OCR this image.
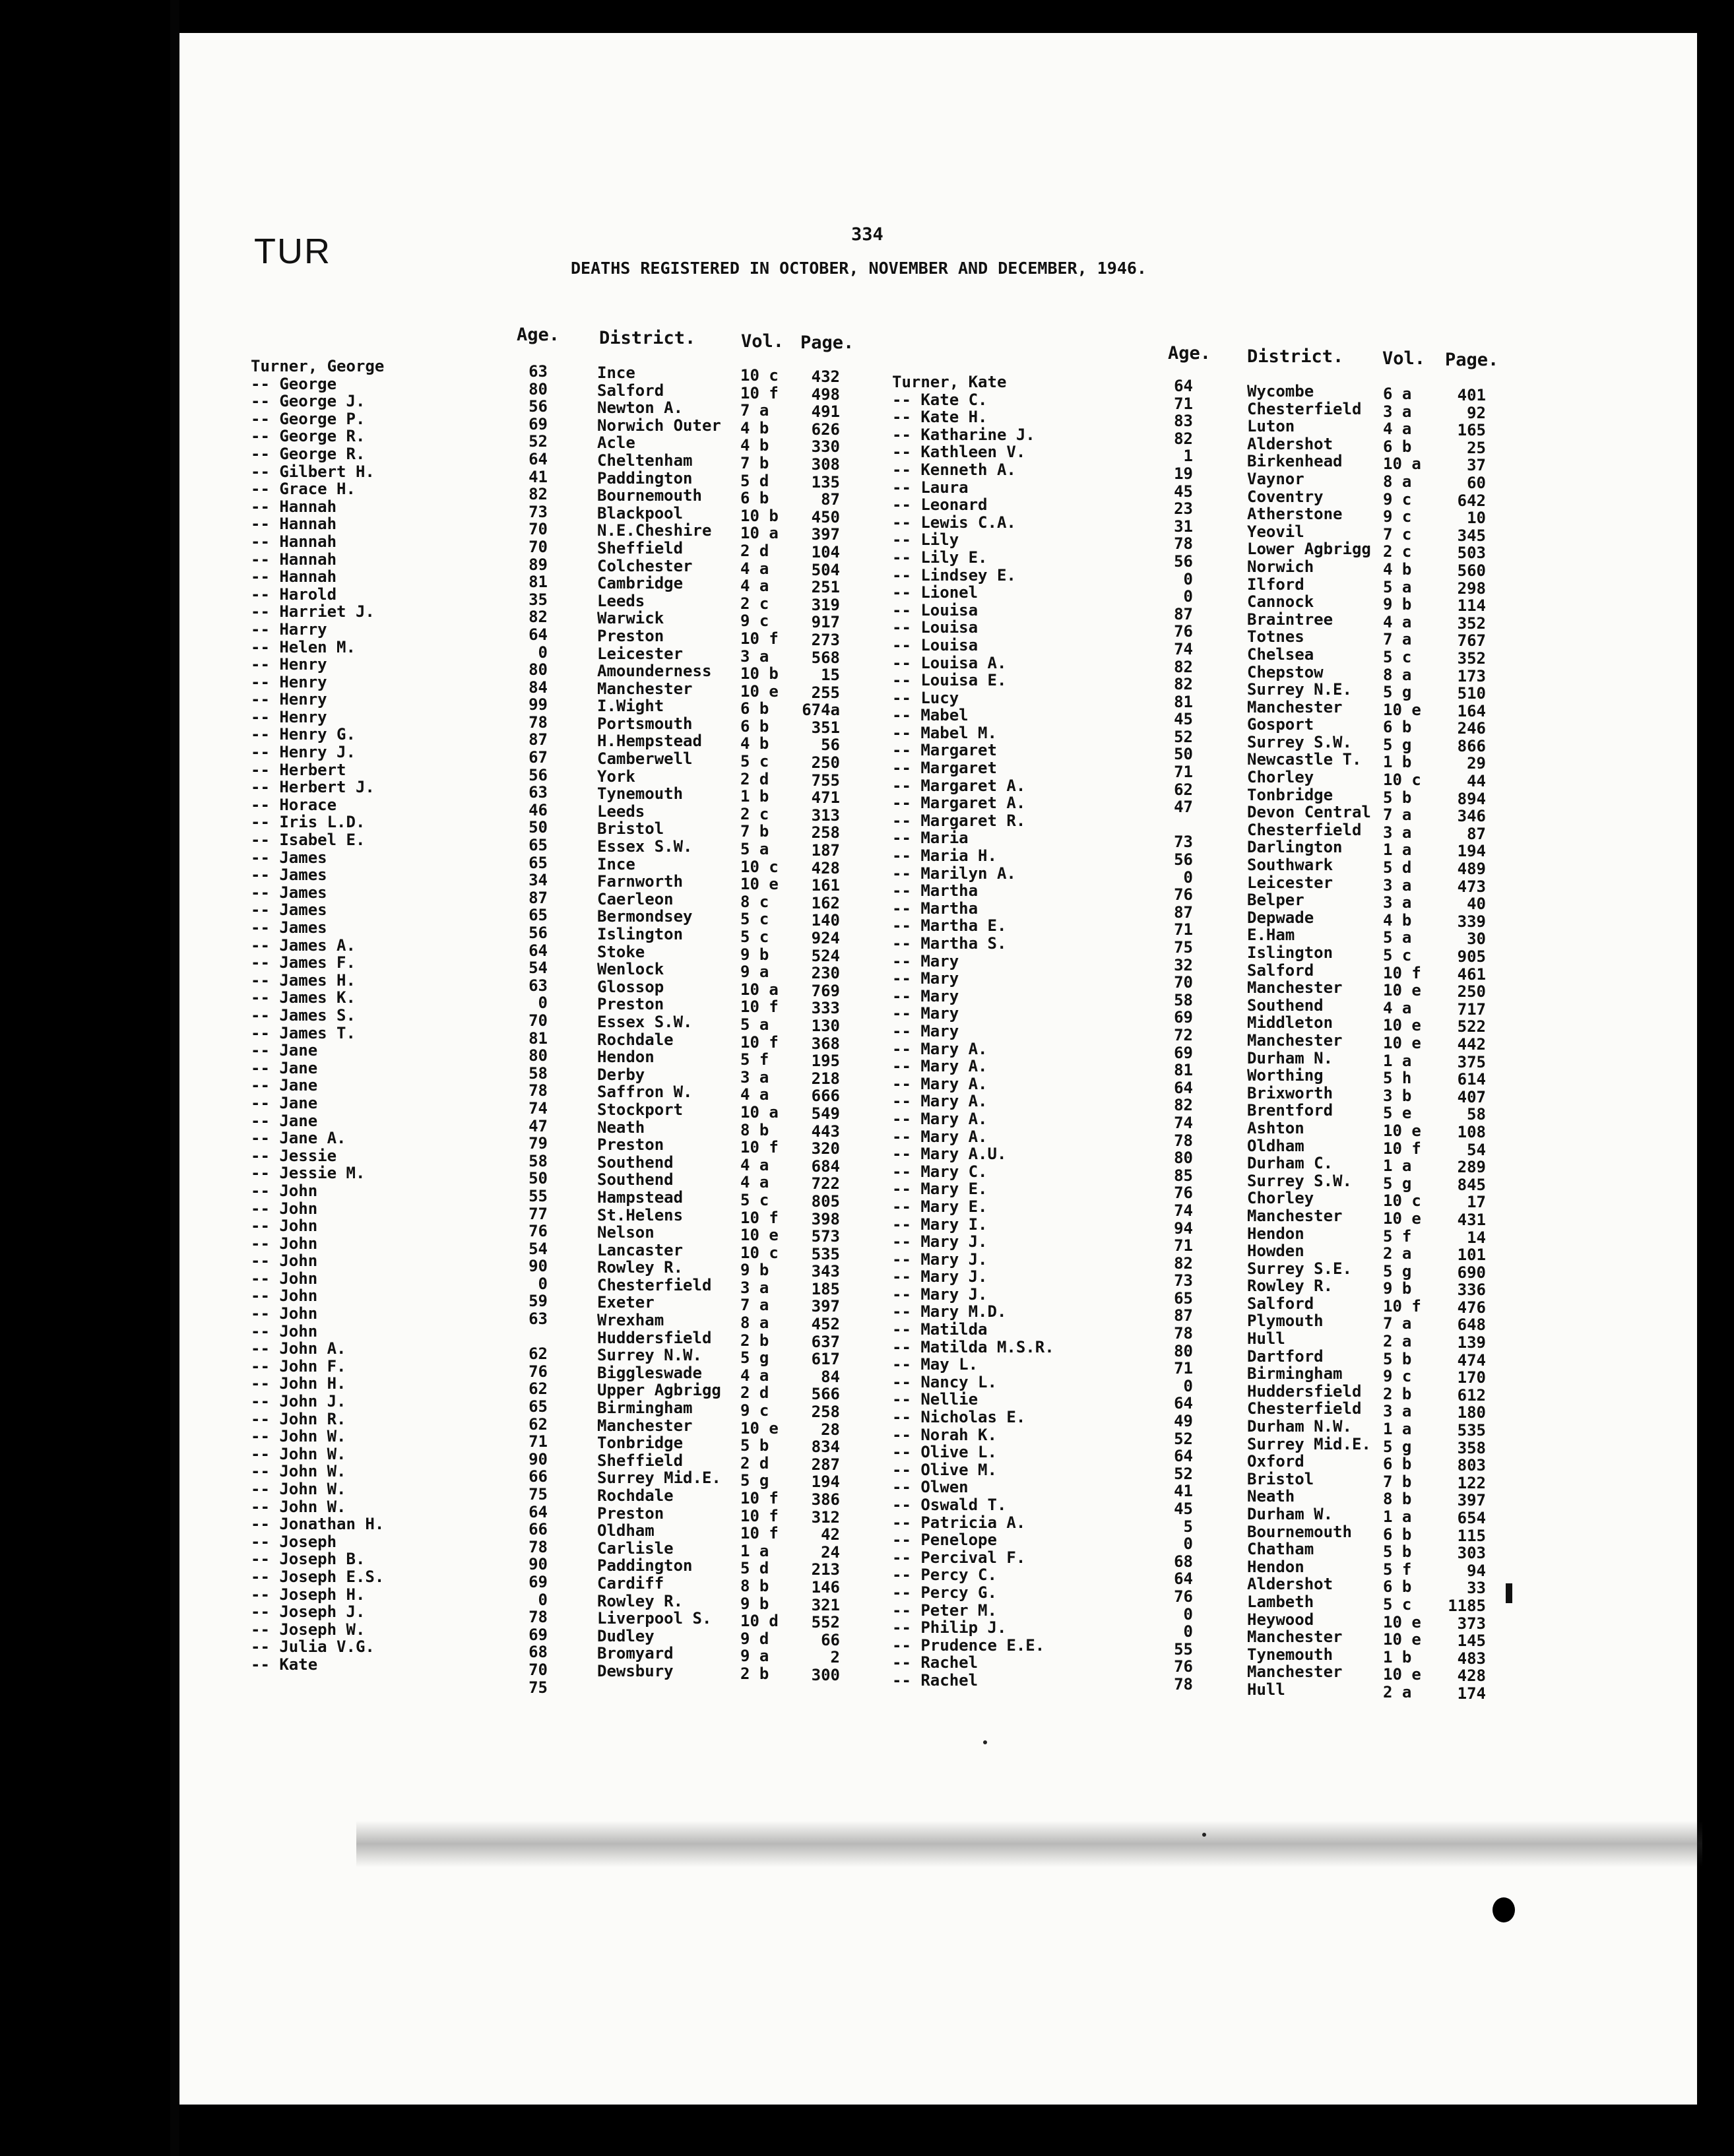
TUR	334
DEATHS REGISTERED IN OCTOBER, NOVEMBER AND DECEMBER, 1946.
Age. District.	Vol. Page.
Age. District. Vol. Page.
Turner, George
-- George
-- George J.
-- George P.
-- George R.
-- George R.
-- Gilbert H.
-- Grace H.
-- Hannah
-- Hannah
-- Hannah
-- Hannah
-- Hannah
-- Harold
-- Harriet J.
-- Harry
-- Helen M.
-- Henry
-- Henry
-- Henry
-- Henry
-- Henry G.
-- Henry J.
-- Herbert
-- Herbert J.
-- Horace
-- Iris L.D.
-- Isabel E.
-- James
-- James
-- James
-- James
-- James
-- James A.
-- James F.
-- James H.
-- James K.
-- James S.
-- James T.
-- Jane
-- Jane
-- Jane
-- Jane
-- Jane
-- Jane A.
-- Jessie
-- Jessie M.
-- John
-- John
-- John
-- John
-- John
-- John
-- John
-- John
-- John
-- John A.
-- John F.
-- John H.
-- John J.
-- John R.
-- John W.
-- John W.
-- John W.
-- John W.
-- John W.
-- Jonathan H.
-- Joseph
-- Joseph B.
-- Joseph E.S.
-- Joseph H.
-- Joseph J.
-- Joseph W.
-- Julia V.G.
-- Kate
63
80
56
69
52
64
41
82
73
70
70
89
81
35
82
64
0
80
84
99
78
87
67
56
63
46
50
65
65
34
87
65
56
64
54
63
0
70
81
80
58
78
74
47
79
58
50
55
77
76
54
90
0
59
63
62
76
62
65
62
71
90
66
75
64
66
78
90
69
0
78
69
68
70
75
Ince
Salford
Newton A.
Norwich Outer
Acle
Cheltenham
Paddington
Bournemouth
Blackpool
N.E.Cheshire
Sheffield
Colchester
Cambridge
Leeds
Warwick
Preston
Leicester
Amounderness
Manchester
I.Wight
Portsmouth
H.Hempstead
Camberwell
York
Tynemouth
Leeds
Bristol
Essex S.W.
Ince
Farnworth
Caerleon
Bermondsey
Islington
Stoke
Wenlock
Glossop
Preston
Essex S.W.
Rochdale
Hendon
Derby
Saffron W.
Stockport
Neath
Preston
Southend
Southend
Hampstead
St.Helens
Nelson
Lancaster
Rowley R.
Chesterfield
Exeter
Wrexham
Huddersfield
Surrey N.W.
Biggleswade
Upper Agbrigg
Birmingham
Manchester
Tonbridge
Sheffield
Surrey Mid.E.
Rochdale
Preston
Oldham
Carlisle
Paddington
Cardiff
Rowley R.
Liverpool S.
Dudley
Bromyard
Dewsbury
10 c
10 f
7 a
4 b
4 b
7 b
5 d
6 b
10 b
10 a
2 d
4 a
4 a
2 c
9 c
10 f
3 a
10 b
10 e
6 b
6 b
4 b
5 c
2 d
1 b
2 c
7 b
5 a
10 c
10 e
8 c
5 c
5 c
9 b
9 a
10 a
10 f
5 a
10 f
5 f
3 a
4 a
10 a
8 b
10 f
4 a
4 a
5 c
10 f
10 e
10 c
9 b
3 a
7 a
8 a
2 b
5 g
4 a
2 d
9 c
10 e
5 b
2 d
5 g
10 f
10 f
10 f
1 a
5 d
8 b
9 b
10 d
9 d
9 a
2 b
432
498
491
626
330
308
135
87
450
397
104
504
251
319
917
273
568
15
255
674a
351
56
250
755
471
313
258
187
428
161
162
140
924
524
230
769
333
130
368
195
218
666
549
443
320
684
722
805
398
573
535
343
185
397
452
637
617
84
566
258
28
834
287
194
386
312
42
24
213
146
321
552
66
2
300
Turner, Kate
-- Kate C.
-- Kate H.
-- Katharine J.
-- Kathleen V.
-- Kenneth A.
-- Laura
-- Leonard
-- Lewis C.A.
-- Lily
-- Lily E.
-- Lindsey E.
-- Lionel
-- Louisa
-- Louisa
-- Louisa
-- Louisa A.
-- Louisa E.
-- Lucy
-- Mabel
-- Mabel M.
-- Margaret
-- Margaret
-- Margaret A.
-- Margaret A.
-- Margaret R.
-- Maria
-- Maria H.
-- Marilyn A.
-- Martha
-- Martha
-- Martha E.
-- Martha S.
-- Mary
-- Mary
-- Mary
-- Mary
-- Mary
-- Mary A.
-- Mary A.
-- Mary A.
-- Mary A.
-- Mary A.
-- Mary A.
-- Mary A.U.
-- Mary C.
-- Mary E.
-- Mary E.
-- Mary I.
-- Mary J.
-- Mary J.
-- Mary J.
-- Mary J.
-- Mary M.D.
-- Matilda
-- Matilda M.S.R.
-- May L.
-- Nancy L.
-- Nellie
-- Nicholas E.
-- Norah K.
-- Olive L.
-- Olive M.
-- Olwen
-- Oswald T.
-- Patricia A.
-- Penelope
-- Percival F.
-- Percy C.
-- Percy G.
-- Peter M.
-- Philip J.
-- Prudence E.E.
-- Rachel
-- Rachel
64
71
83
82
1
19
45
23
31
78
56
0
0
87
76
74
82
82
81
45
52
50
71
62
47
73
56
0
76
87
71
75
32
70
58
69
72
69
81
64
82
74
78
80
85
76
74
94
71
82
73
65
87
78
80
71
0
64
49
52
64
52
41
45
5
0
68
64
76
0
0
55
76
78
Wycombe
Chesterfield
Luton
Aldershot
Birkenhead
Vaynor
Coventry
Atherstone
Yeovil
Lower Agbrigg
Norwich
Ilford
Cannock
Braintree
Totnes
Chelsea
Chepstow
Surrey N.E.
Manchester
Gosport
Surrey S.W.
Newcastle T.
Chorley
Tonbridge
Devon Central
Chesterfield
Darlington
Southwark
Leicester
Belper
Depwade
E.Ham
Islington
Salford
Manchester
Southend
Middleton
Manchester
Durham N.
Worthing
Brixworth
Brentford
Ashton
Oldham
Durham C.
Surrey S.W.
Chorley
Manchester
Hendon
Howden
Surrey S.E.
Rowley R.
Salford
Plymouth
Hull
Dartford
Birmingham
Huddersfield
Chesterfield
Durham N.W.
Surrey Mid.E.
Oxford
Bristol
Neath
Durham W.
Bournemouth
Chatham
Hendon
Aldershot
Lambeth
Heywood
Manchester
Tynemouth
Manchester
Hull
6 a
3 a
4 a
6 b
10 a
8 a
9 c
9 c
7 c
2 c
4 b
5 a
9 b
4 a
7 a
5 c
8 a
5 g
10 e
6 b
5 g
1 b
10 c
5 b
7 a
3 a
1 a
5 d
3 a
3 a
4 b
5 a
5 c
10 f
10 e
4 a
10 e
10 e
1 a
5 h
3 b
5 e
10 e
10 f
1 a
5 g
10 c
10 e
5 f
2 a
5 g
9 b
10 f
7 a
2 a
5 b
9 c
2 b
3 a
1 a
5 g
6 b
7 b
8 b
1 a
6 b
5 b
5 f
6 b
5 c
10 e
10 e
1 b
10 e
2 a
401
92
165
25
37
60
642
10
345
503
560
298
114
352
767
352
173
510
164
246
866
29
44
894
346
87
194
489
473
40
339
30
905
461
250
717
522
442
375
614
407
58
108
54
289
845
17
431
14
101
690
336
476
648
139
474
170
612
180
535
358
803
122
397
654
115
303
94
33
1185
373
145
483
428
174
